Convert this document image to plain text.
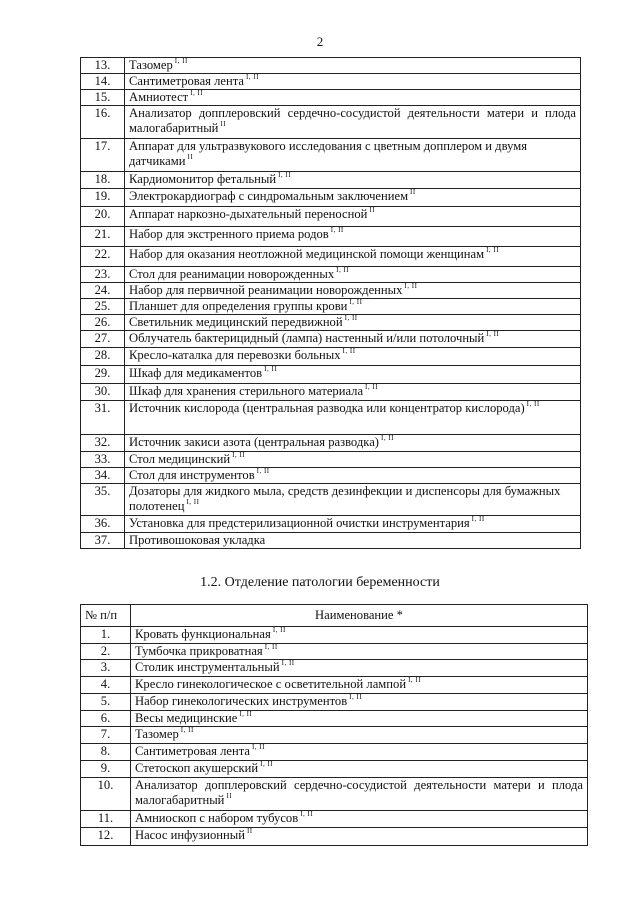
2
13.	Тазомер $^{I, II}$
14.	Сантиметровая лента $^{I, II}$
15.	Амниотест $^{I, II}$
16.	Анализатор допплеровский сердечно-сосудистой деятельности матери и плода малогабаритный $^{II}$
17.	Аппарат для ультразвукового исследования с цветным допплером и двумя датчиками $^{II}$
18.	Кардиомонитор фетальный $^{I, II}$
19.	Электрокардиограф с синдромальным заключением $^{II}$
20.	Аппарат наркозно-дыхательный переносной $^{II}$
21.	Набор для экстренного приема родов $^{I, II}$
22.	Набор для оказания неотложной медицинской помощи женщинам $^{I, II}$
23.	Стол для реанимации новорожденных $^{I, II}$
24.	Набор для первичной реанимации новорожденных $^{I, II}$
25.	Планшет для определения группы крови $^{I, II}$
26.	Светильник медицинский передвижной $^{I, II}$
27.	Облучатель бактерицидный (лампа) настенный и/или потолочный $^{I, II}$
28.	Кресло-каталка для перевозки больных $^{I, II}$
29.	Шкаф для медикаментов $^{I, II}$
30.	Шкаф для хранения стерильного материала $^{I, II}$
31.	Источник кислорода (центральная разводка или концентратор кислорода) $^{I, II}$
32.	Источник закиси азота (центральная разводка) $^{I, II}$
33.	Стол медицинский $^{I, II}$
34.	Стол для инструментов $^{I, II}$
35.	Дозаторы для жидкого мыла, средств дезинфекции и диспенсоры для бумажных полотенец $^{I, II}$
36.	Установка для предстерилизационной очистки инструментария $^{I, II}$
37.	Противошоковая укладка
1.2. Отделение патологии беременности
№ п/п	Наименование *
1.	Кровать функциональная $^{I, II}$
2.	Тумбочка прикроватная $^{I, II}$
3.	Столик инструментальный $^{I, II}$
4.	Кресло гинекологическое с осветительной лампой $^{I, II}$
5.	Набор гинекологических инструментов $^{I, II}$
6.	Весы медицинские $^{I, II}$
7.	Тазомер $^{I, II}$
8.	Сантиметровая лента $^{I, II}$
9.	Стетоскоп акушерский $^{I, II}$
10.	Анализатор допплеровский сердечно-сосудистой деятельности матери и плода малогабаритный $^{II}$
11.	Амниоскоп с набором тубусов $^{I, II}$
12.	Насос инфузионный $^{II}$
